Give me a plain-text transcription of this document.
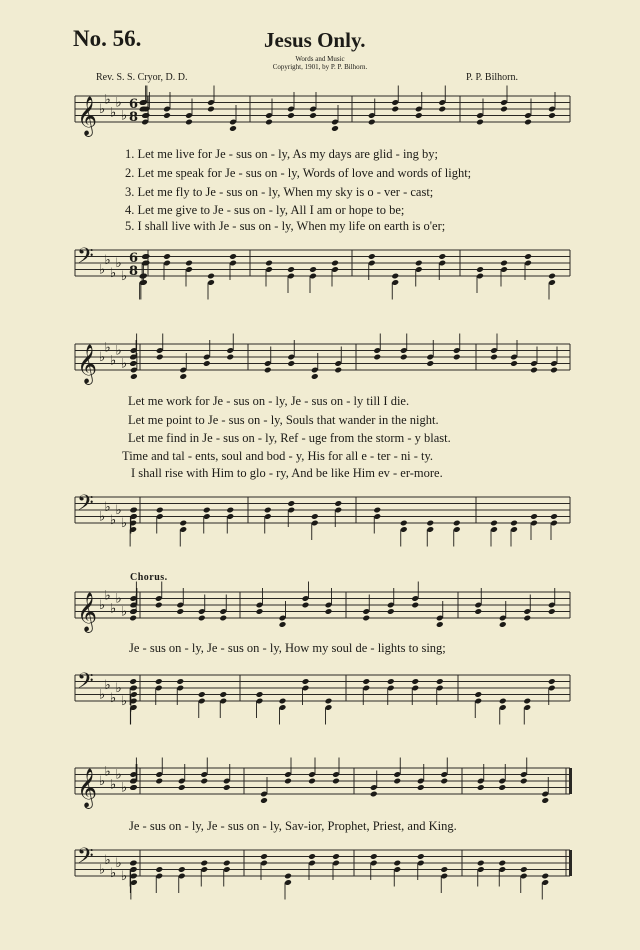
No. 56.	Jesus Only.
Words and Music
Copyright, 1901, by P. P. Bilhorn.
Rev. S. S. Cryor, D. D.	P. P. Bilhorn.
𝄞 ♭
♭
♭
♭
♭
6
8
𝄢 ♭
♭
♭
♭
♭
6
8
1. Let me live for Je - sus on - ly, As my days are glid - ing by;
2. Let me speak for Je - sus on - ly, Words of love and words of light;
3. Let me fly to Je - sus on - ly, When my sky is o - ver - cast;
4. Let me give to Je - sus on - ly, All I am or hope to be;
5. I shall live with Je - sus on - ly, When my life on earth is o'er;
𝄞 ♭
♭
♭
♭
♭
𝄢 ♭
♭
♭
♭
♭
Let me work for Je - sus on - ly, Je - sus on - ly till I die.
Let me point to Je - sus on - ly, Souls that wander in the night.
Let me find in Je - sus on - ly, Ref - uge from the storm - y blast.
Time and tal - ents, soul and bod - y, His for all e - ter - ni - ty.
I shall rise with Him to glo - ry, And be like Him ev - er-more.
Chorus.
𝄞 ♭
♭
♭
♭
♭
Je - sus on - ly, Je - sus on - ly, How my soul de - lights to sing;
𝄢 ♭
♭
♭
♭
♭
𝄞 ♭
♭
♭
♭
♭
Je - sus on - ly, Je - sus on - ly, Sav-ior, Prophet, Priest, and King.
𝄢 ♭
♭
♭
♭
♭
